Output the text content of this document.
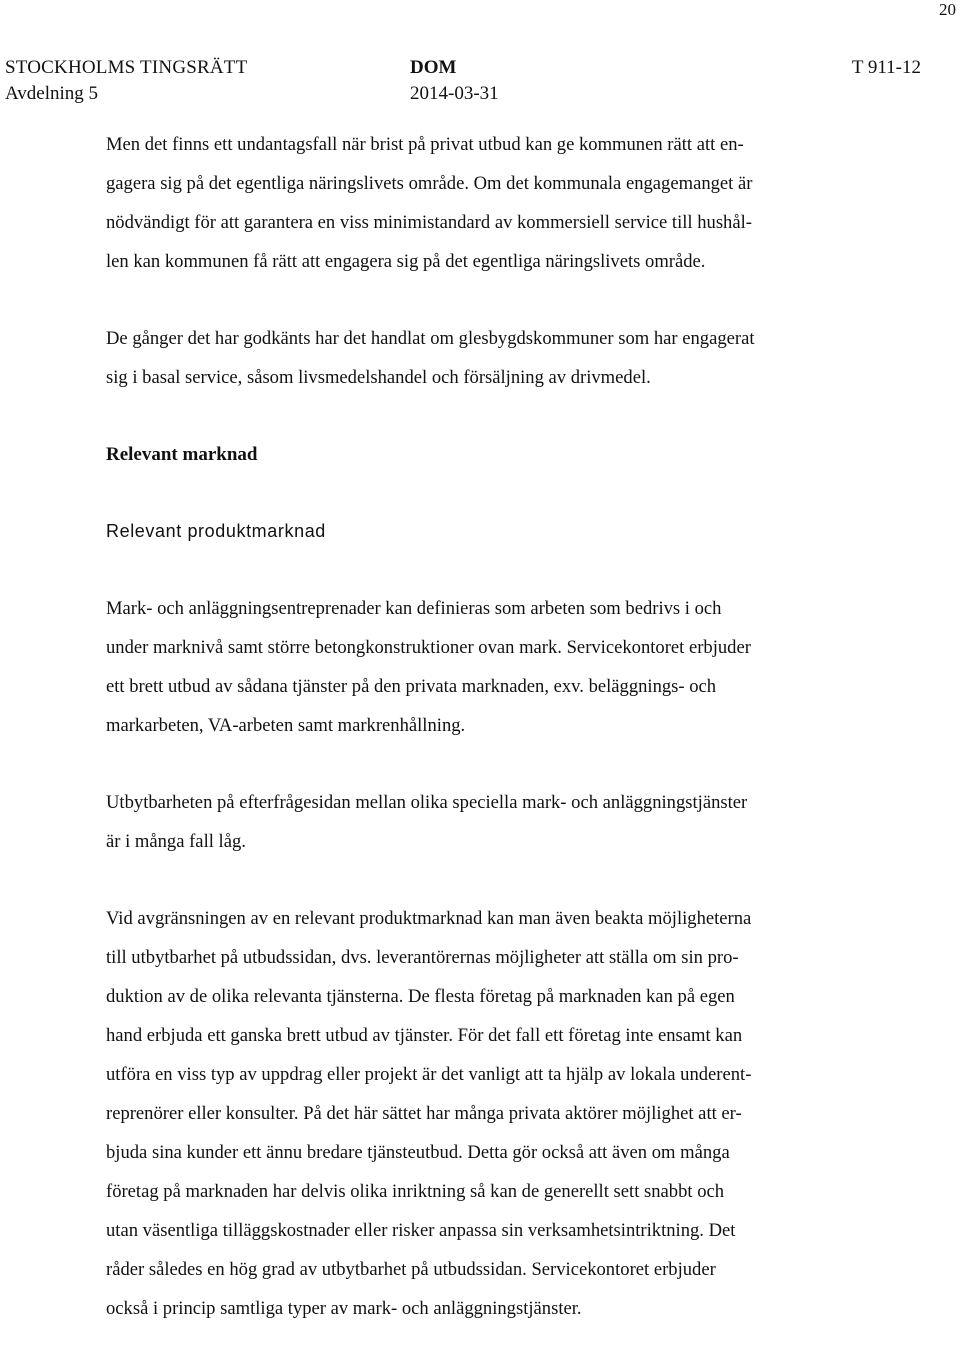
20
STOCKHOLMS TINGSRÄTT
Avdelning 5
DOM
2014-03-31
T 911-12
Men det finns ett undantagsfall när brist på privat utbud kan ge kommunen rätt att en-
gagera sig på det egentliga näringslivets område. Om det kommunala engagemanget är
nödvändigt för att garantera en viss minimistandard av kommersiell service till hushål-
len kan kommunen få rätt att engagera sig på det egentliga näringslivets område.
De gånger det har godkänts har det handlat om glesbygdskommuner som har engagerat
sig i basal service, såsom livsmedelshandel och försäljning av drivmedel.
Relevant marknad
Relevant produktmarknad
Mark- och anläggningsentreprenader kan definieras som arbeten som bedrivs i och
under marknivå samt större betongkonstruktioner ovan mark. Servicekontoret erbjuder
ett brett utbud av sådana tjänster på den privata marknaden, exv. beläggnings- och
markarbeten, VA-arbeten samt markrenhållning.
Utbytbarheten på efterfrågesidan mellan olika speciella mark- och anläggningstjänster
är i många fall låg.
Vid avgränsningen av en relevant produktmarknad kan man även beakta möjligheterna
till utbytbarhet på utbudssidan, dvs. leverantörernas möjligheter att ställa om sin pro-
duktion av de olika relevanta tjänsterna. De flesta företag på marknaden kan på egen
hand erbjuda ett ganska brett utbud av tjänster. För det fall ett företag inte ensamt kan
utföra en viss typ av uppdrag eller projekt är det vanligt att ta hjälp av lokala underent-
reprenörer eller konsulter. På det här sättet har många privata aktörer möjlighet att er-
bjuda sina kunder ett ännu bredare tjänsteutbud. Detta gör också att även om många
företag på marknaden har delvis olika inriktning så kan de generellt sett snabbt och
utan väsentliga tilläggskostnader eller risker anpassa sin verksamhetsintriktning. Det
råder således en hög grad av utbytbarhet på utbudssidan. Servicekontoret erbjuder
också i princip samtliga typer av mark- och anläggningstjänster.
